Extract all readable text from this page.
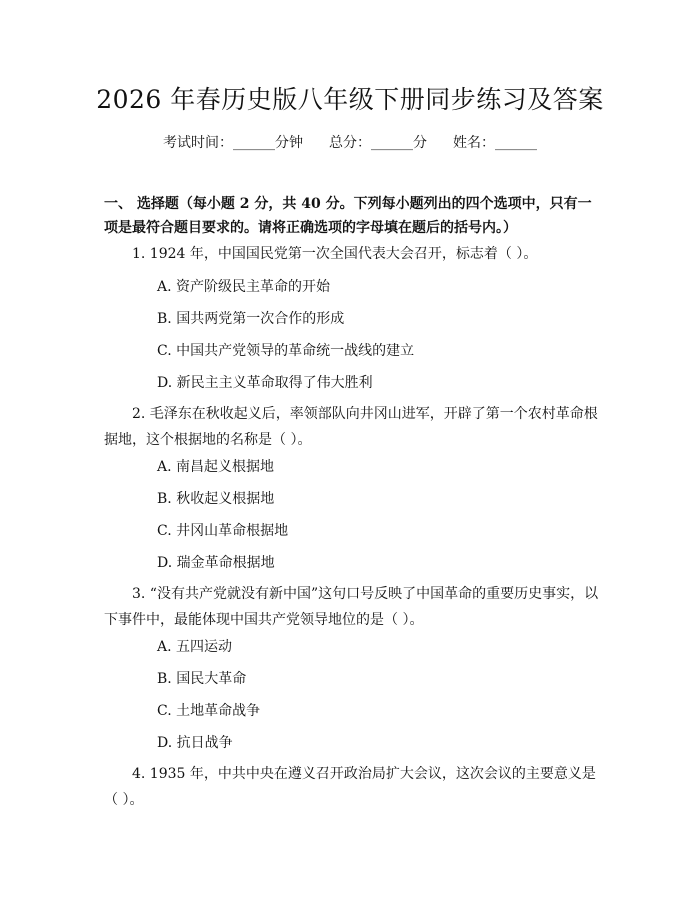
2026 年春历史版八年级下册同步练习及答案
考试时间：______分钟 总分：______分 姓名：______
一、 选择题（每小题 2 分，共 40 分。下列每小题列出的四个选项中，只有一项是最符合题目要求的。请将正确选项的字母填在题后的括号内。）
1. 1924 年，中国国民党第一次全国代表大会召开，标志着（ ）。
A. 资产阶级民主革命的开始
B. 国共两党第一次合作的形成
C. 中国共产党领导的革命统一战线的建立
D. 新民主主义革命取得了伟大胜利
2. 毛泽东在秋收起义后，率领部队向井冈山进军，开辟了第一个农村革命根据地，这个根据地的名称是（ ）。
A. 南昌起义根据地
B. 秋收起义根据地
C. 井冈山革命根据地
D. 瑞金革命根据地
3. “没有共产党就没有新中国”这句口号反映了中国革命的重要历史事实，以下事件中，最能体现中国共产党领导地位的是（ ）。
A. 五四运动
B. 国民大革命
C. 土地革命战争
D. 抗日战争
4. 1935 年，中共中央在遵义召开政治局扩大会议，这次会议的主要意义是（ ）。
